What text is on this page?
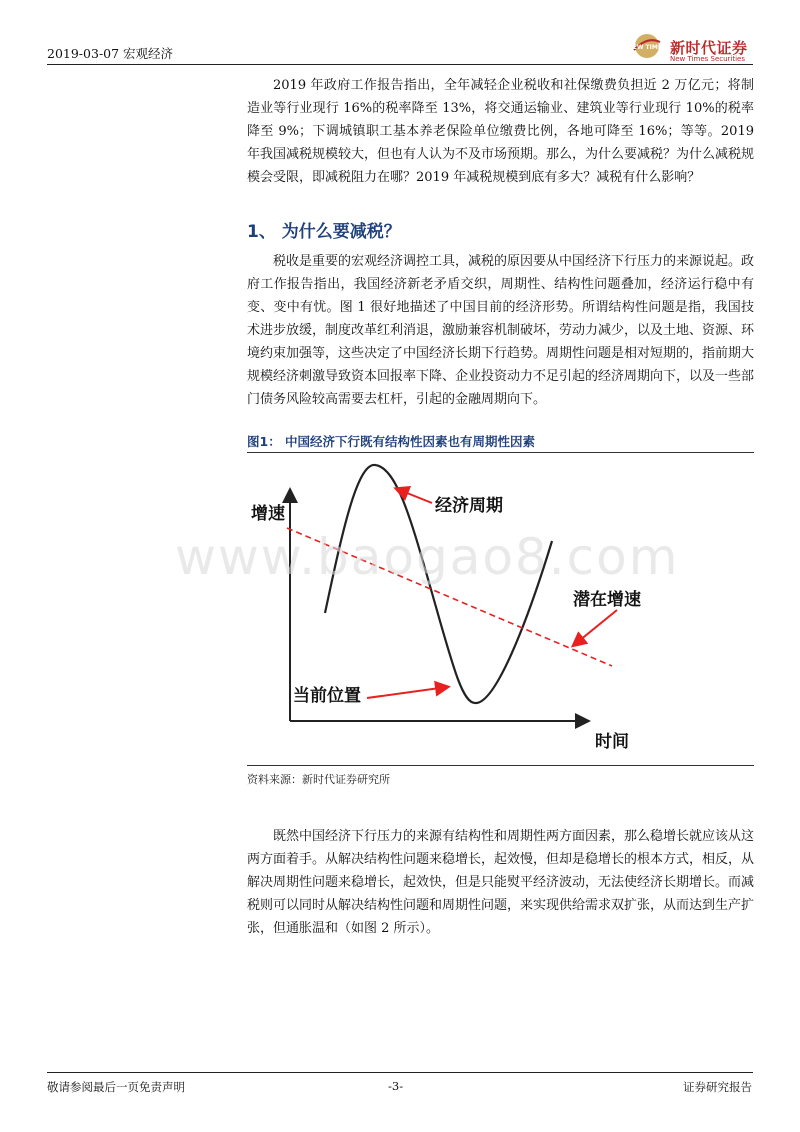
2019-03-07 宏观经济	NEW TIMES 新时代证券
New Times Securities

2019 年政府工作报告指出，全年减轻企业税收和社保缴费负担近 2 万亿元；将制造业等行业现行 16%的税率降至 13%，将交通运输业、建筑业等行业现行 10%的税率降至 9%；下调城镇职工基本养老保险单位缴费比例，各地可降至 16%；等等。2019 年我国减税规模较大，但也有人认为不及市场预期。那么，为什么要减税？为什么减税规模会受限，即减税阻力在哪？2019 年减税规模到底有多大？减税有什么影响？

1、 为什么要减税？

税收是重要的宏观经济调控工具，减税的原因要从中国经济下行压力的来源说起。政府工作报告指出，我国经济新老矛盾交织，周期性、结构性问题叠加，经济运行稳中有变、变中有忧。图 1 很好地描述了中国目前的经济形势。所谓结构性问题是指，我国技术进步放缓，制度改革红利消退，激励兼容机制破坏，劳动力减少，以及土地、资源、环境约束加强等，这些决定了中国经济长期下行趋势。周期性问题是相对短期的，指前期大规模经济刺激导致资本回报率下降、企业投资动力不足引起的经济周期向下，以及一些部门债务风险较高需要去杠杆，引起的金融周期向下。

图1： 中国经济下行既有结构性因素也有周期性因素
增速
时间
经济周期
潜在增速
当前位置
www.baogao8.com
资料来源：新时代证券研究所

既然中国经济下行压力的来源有结构性和周期性两方面因素，那么稳增长就应该从这两方面着手。从解决结构性问题来稳增长，起效慢，但却是稳增长的根本方式，相反，从解决周期性问题来稳增长，起效快，但是只能熨平经济波动，无法使经济长期增长。而减税则可以同时从解决结构性问题和周期性问题，来实现供给需求双扩张，从而达到生产扩张，但通胀温和（如图 2 所示）。

敬请参阅最后一页免责声明	-3-	证券研究报告
